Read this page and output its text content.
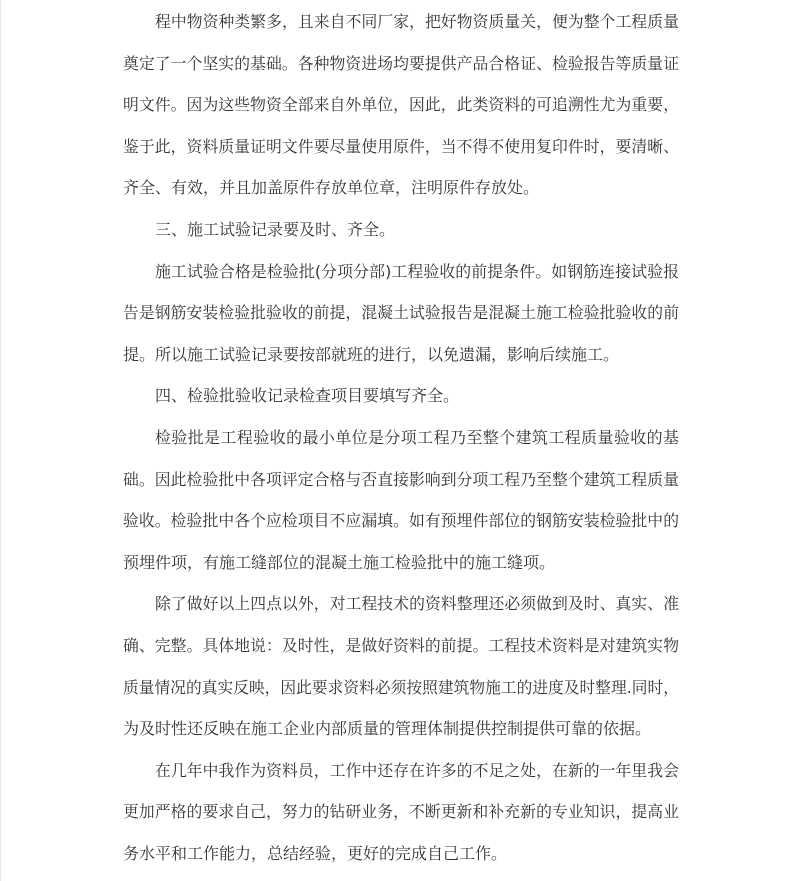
程中物资种类繁多，且来自不同厂家，把好物资质量关，便为整个工程质量
奠定了一个坚实的基础。各种物资进场均要提供产品合格证、检验报告等质量证
明文件。因为这些物资全部来自外单位，因此，此类资料的可追溯性尤为重要，
鉴于此，资料质量证明文件要尽量使用原件，当不得不使用复印件时，要清晰、
齐全、有效，并且加盖原件存放单位章，注明原件存放处。
三、施工试验记录要及时、齐全。
施工试验合格是检验批(分项分部)工程验收的前提条件。如钢筋连接试验报
告是钢筋安装检验批验收的前提，混凝土试验报告是混凝土施工检验批验收的前
提。所以施工试验记录要按部就班的进行，以免遗漏，影响后续施工。
四、检验批验收记录检查项目要填写齐全。
检验批是工程验收的最小单位是分项工程乃至整个建筑工程质量验收的基
础。因此检验批中各项评定合格与否直接影响到分项工程乃至整个建筑工程质量
验收。检验批中各个应检项目不应漏填。如有预埋件部位的钢筋安装检验批中的
预埋件项，有施工缝部位的混凝土施工检验批中的施工缝项。
除了做好以上四点以外，对工程技术的资料整理还必须做到及时、真实、准
确、完整。具体地说：及时性，是做好资料的前提。工程技术资料是对建筑实物
质量情况的真实反映，因此要求资料必须按照建筑物施工的进度及时整理.同时，
为及时性还反映在施工企业内部质量的管理体制提供控制提供可靠的依据。
在几年中我作为资料员，工作中还存在许多的不足之处，在新的一年里我会
更加严格的要求自己，努力的钻研业务，不断更新和补充新的专业知识，提高业
务水平和工作能力，总结经验，更好的完成自己工作。
